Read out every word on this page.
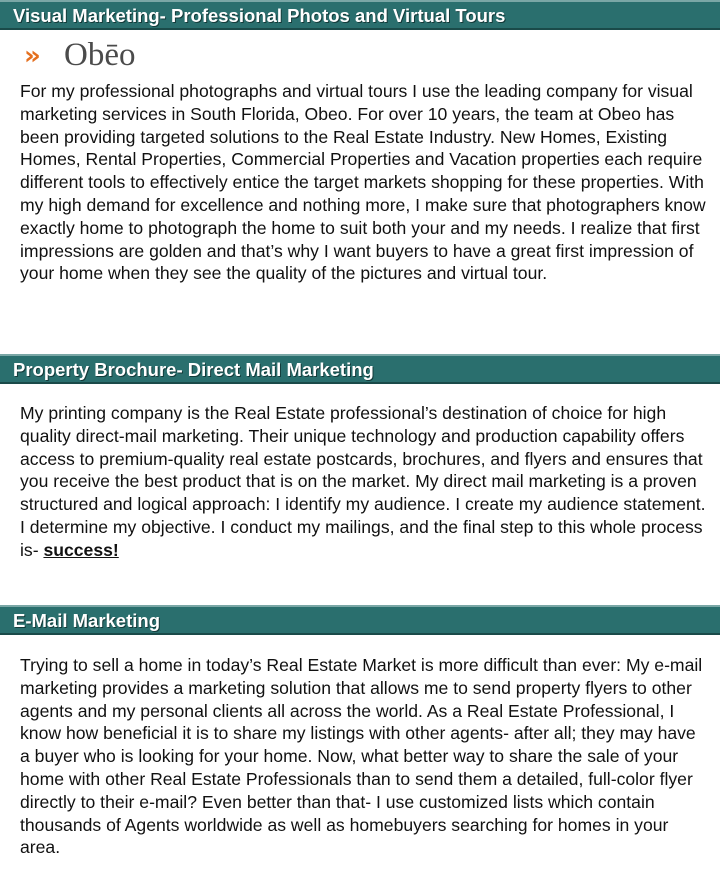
Visual Marketing- Professional Photos and Virtual Tours
» Obēo

For my professional photographs and virtual tours I use the leading company for visual marketing services in South Florida, Obeo. For over 10 years, the team at Obeo has been providing targeted solutions to the Real Estate Industry. New Homes, Existing Homes, Rental Properties, Commercial Properties and Vacation properties each require different tools to effectively entice the target markets shopping for these properties. With my high demand for excellence and nothing more, I make sure that photographers know exactly home to photograph the home to suit both your and my needs. I realize that first impressions are golden and that’s why I want buyers to have a great first impression of your home when they see the quality of the pictures and virtual tour.

Property Brochure- Direct Mail Marketing

My printing company is the Real Estate professional’s destination of choice for high quality direct-mail marketing. Their unique technology and production capability offers access to premium-quality real estate postcards, brochures, and flyers and ensures that you receive the best product that is on the market. My direct mail marketing is a proven structured and logical approach: I identify my audience. I create my audience statement. I determine my objective. I conduct my mailings, and the final step to this whole process is- success!

E-Mail Marketing

Trying to sell a home in today’s Real Estate Market is more difficult than ever: My e-mail marketing provides a marketing solution that allows me to send property flyers to other agents and my personal clients all across the world. As a Real Estate Professional, I know how beneficial it is to share my listings with other agents- after all; they may have a buyer who is looking for your home. Now, what better way to share the sale of your home with other Real Estate Professionals than to send them a detailed, full-color flyer directly to their e-mail? Even better than that- I use customized lists which contain thousands of Agents worldwide as well as homebuyers searching for homes in your area.
